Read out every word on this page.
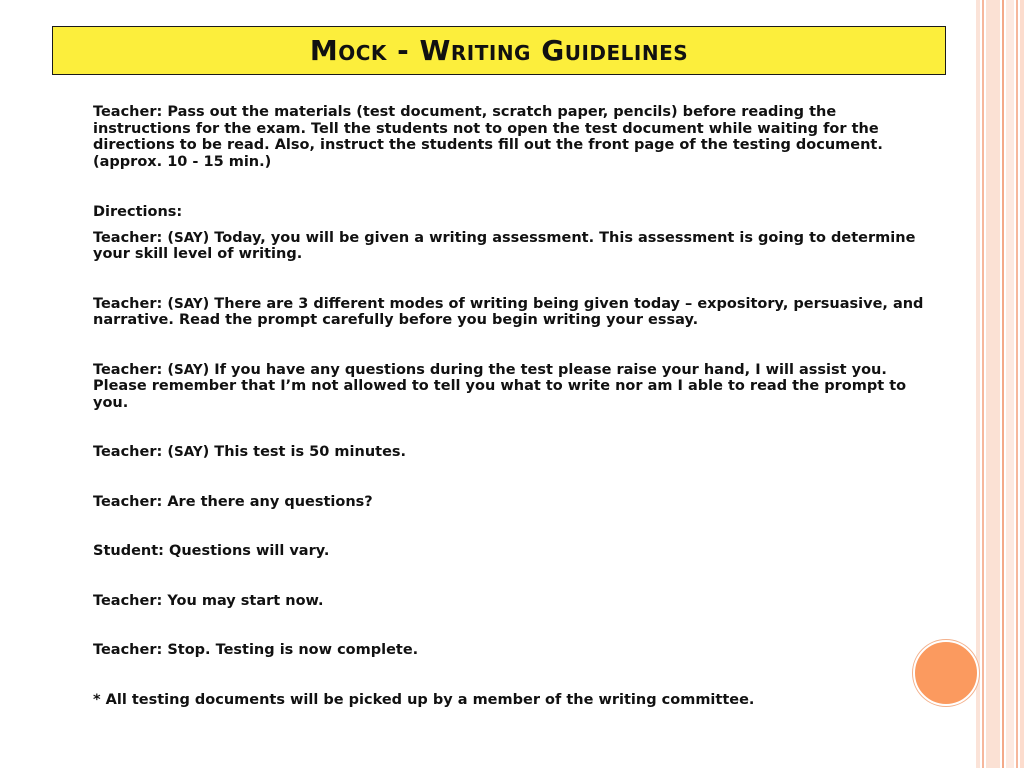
Mock - Writing Guidelines

Teacher: Pass out the materials (test document, scratch paper, pencils) before reading the instructions for the exam. Tell the students not to open the test document while waiting for the directions to be read. Also, instruct the students fill out the front page of the testing document. (approx. 10 - 15 min.)

Directions:

Teacher: (SAY) Today, you will be given a writing assessment. This assessment is going to determine your skill level of writing.

Teacher: (SAY) There are 3 different modes of writing being given today – expository, persuasive, and narrative. Read the prompt carefully before you begin writing your essay.

Teacher: (SAY) If you have any questions during the test please raise your hand, I will assist you. Please remember that I’m not allowed to tell you what to write nor am I able to read the prompt to you.

Teacher: (SAY) This test is 50 minutes.

Teacher: Are there any questions?

Student: Questions will vary.

Teacher: You may start now.

Teacher: Stop. Testing is now complete.

* All testing documents will be picked up by a member of the writing committee.
